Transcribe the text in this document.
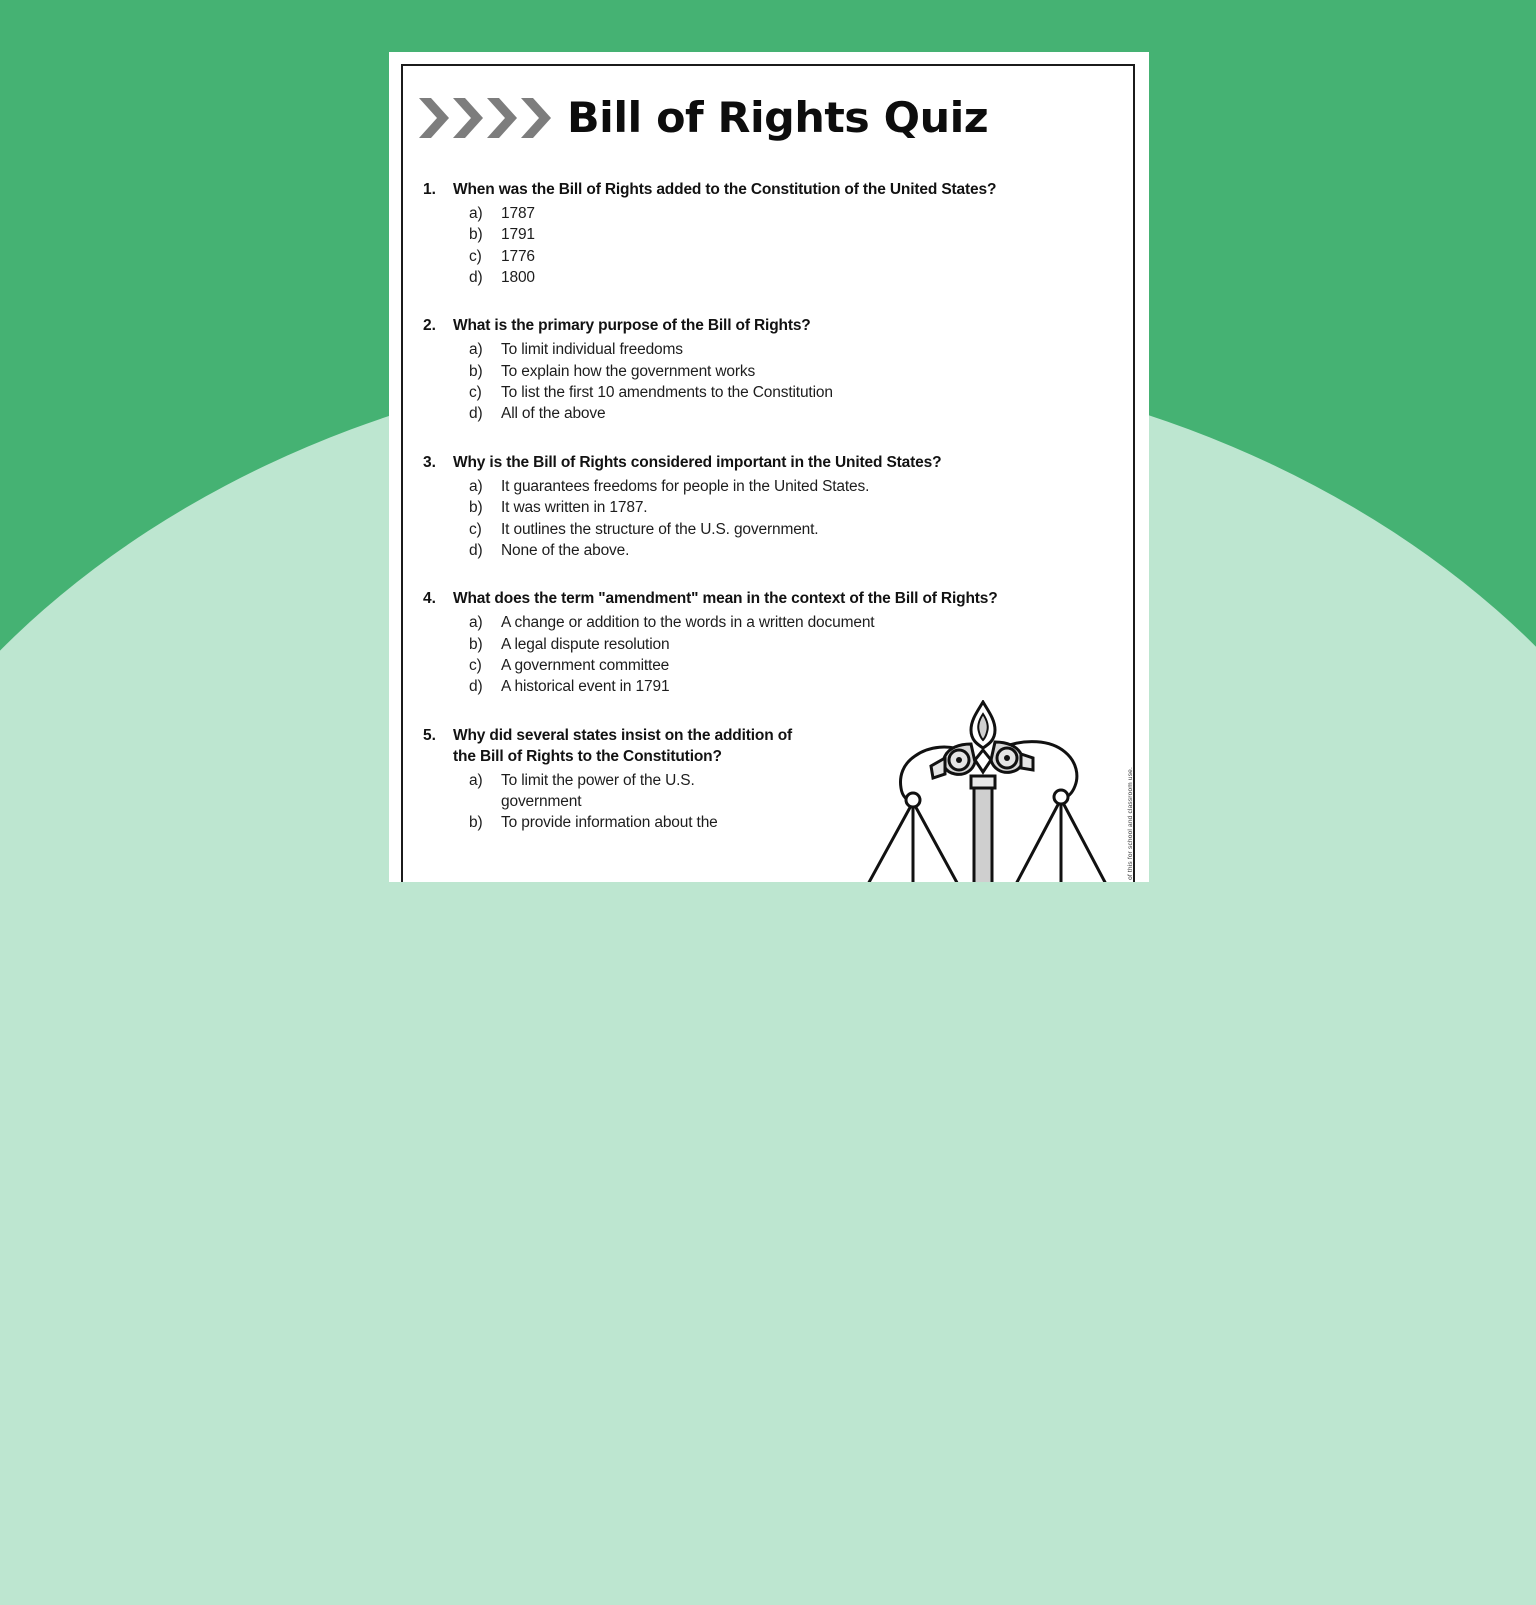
Bill of Rights Quiz
1.	When was the Bill of Rights added to the Constitution of the United States?
a)	1787
b)	1791
c)	1776
d)	1800
2.	What is the primary purpose of the Bill of Rights?
a)	To limit individual freedoms
b)	To explain how the government works
c)	To list the first 10 amendments to the Constitution
d)	All of the above
3.	Why is the Bill of Rights considered important in the United States?
a)	It guarantees freedoms for people in the United States.
b)	It was written in 1787.
c)	It outlines the structure of the U.S. government.
d)	None of the above.
4.	What does the term "amendment" mean in the context of the Bill of Rights?
a)	A change or addition to the words in a written document
b)	A legal dispute resolution
c)	A government committee
d)	A historical event in 1791
5.	Why did several states insist on the addition of the Bill of Rights to the Constitution?
a)	To limit the power of the U.S. government
b)	To provide information about the	of this for school and classroom use.
